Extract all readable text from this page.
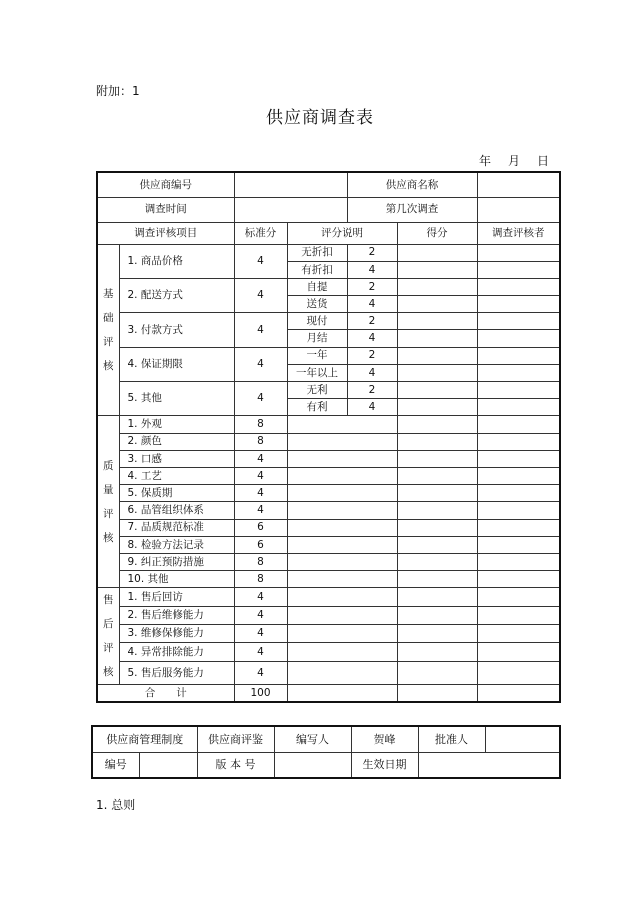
附加：1
供应商调查表
年 月 日
供应商编号				供应商名称		
调查时间				第几次调查		
调查评核项目		标准分	评分说明		得分	调查评核者
基
础
评
核	1. 商品价格	4	无折扣	2		
			有折扣	4		
	2. 配送方式	4	自提	2		
			送货	4		
	3. 付款方式	4	现付	2		
			月结	4		
	4. 保证期限	4	一年	2		
			一年以上	4		
	5. 其他	4	无利	2		
			有利	4		
质
量
评
核	1. 外观	8				
	2. 颜色	8				
	3. 口感	4				
	4. 工艺	4				
	5. 保质期	4				
	6. 品管组织体系	4				
	7. 品质规范标准	6				
	8. 检验方法记录	6				
	9. 纠正预防措施	8				
	10. 其他	8				
售
后
评
核	1. 售后回访	4				
	2. 售后维修能力	4				
	3. 维修保修能力	4				
	4. 异常排除能力	4				
	5. 售后服务能力	4				
合　　计		100				
供应商管理制度		供应商评鉴	编写人	贺峰	批准人	
编号		版 本 号		生效日期		
1. 总则
